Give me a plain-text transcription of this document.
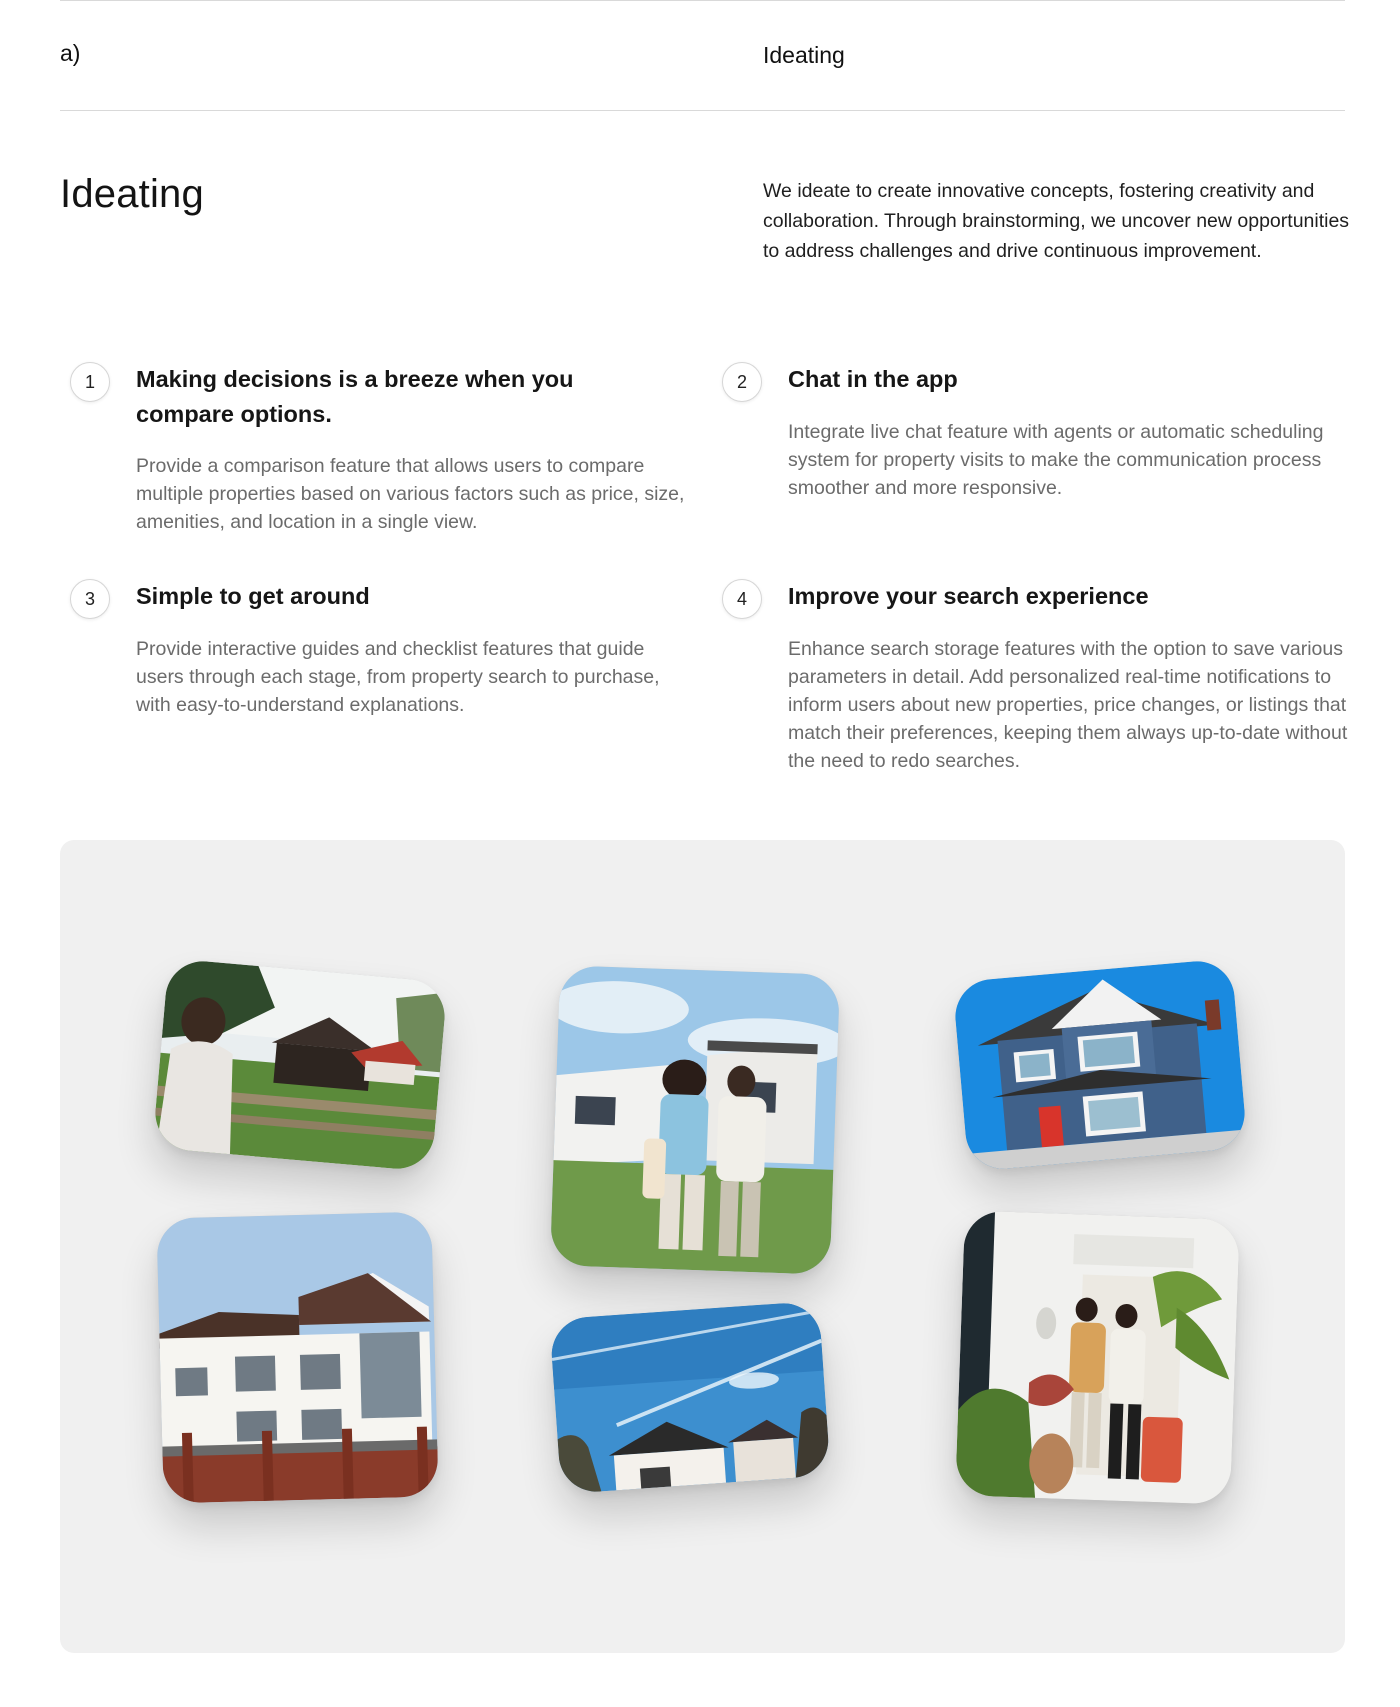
a)	Ideating
Ideating	We ideate to create innovative concepts, fostering creativity and collaboration. Through brainstorming, we uncover new opportunities to address challenges and drive continuous improvement.

1	Making decisions is a breeze when you compare options.
Provide a comparison feature that allows users to compare multiple properties based on various factors such as price, size, amenities, and location in a single view.
2	Chat in the app
Integrate live chat feature with agents or automatic scheduling system for property visits to make the communication process smoother and more responsive.
3	Simple to get around
Provide interactive guides and checklist features that guide users through each stage, from property search to purchase, with easy-to-understand explanations.
4	Improve your search experience
Enhance search storage features with the option to save various parameters in detail. Add personalized real-time notifications to inform users about new properties, price changes, or listings that match their preferences, keeping them always up-to-date without the need to redo searches.
